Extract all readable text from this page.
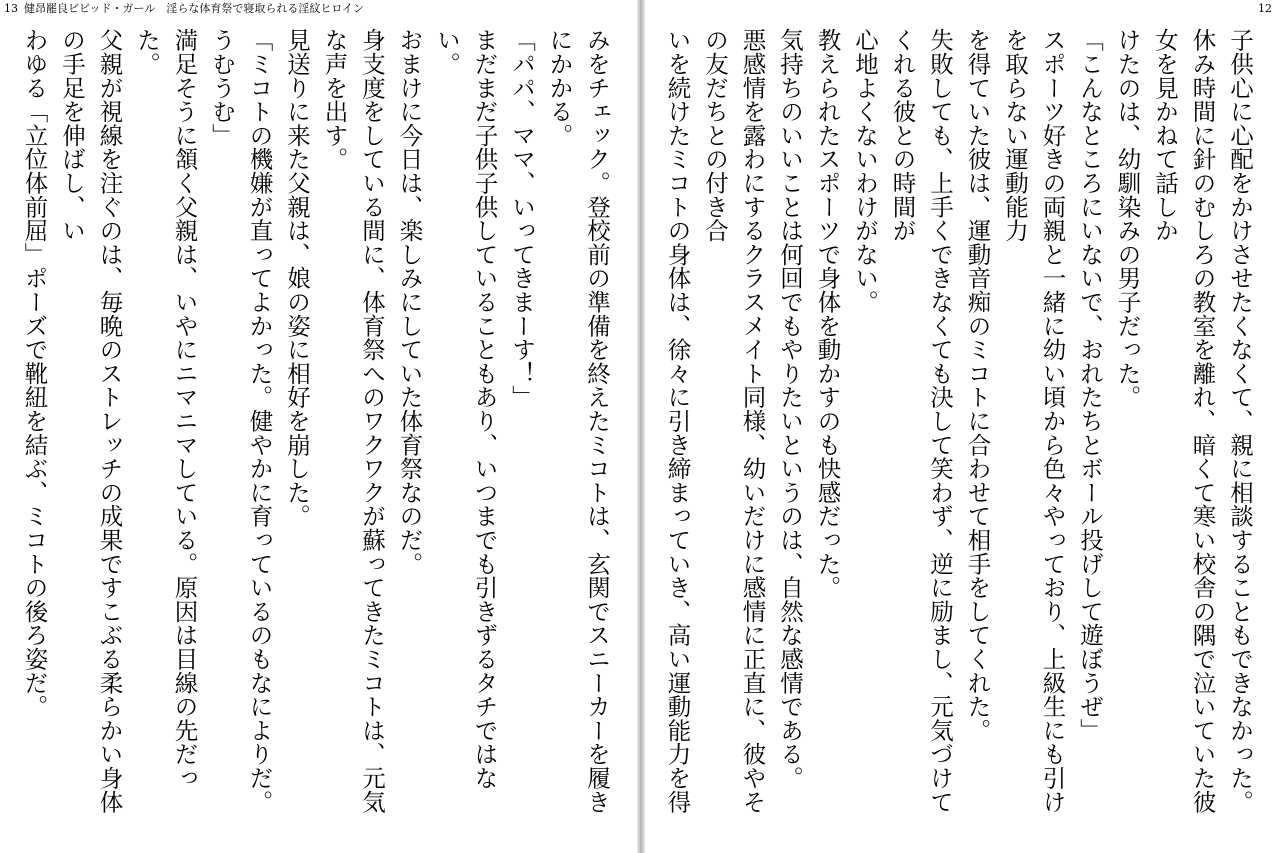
13 健昂罷良ビビッド・ガール　淫らな体育祭で寝取られる淫紋ヒロイン
みをチェック。登校前の準備を終えたミコトは、玄関でスニーカーを履きにかかる。
「パパ、ママ、いってきまーす！」
まだまだ子供子供していることもあり、いつまでも引きずるタチではない。
おまけに今日は、楽しみにしていた体育祭なのだ。
身支度をしている間に、体育祭へのワクワクが蘇ってきたミコトは、元気な声を出す。
見送りに来た父親は、娘の姿に相好を崩した。
「ミコトの機嫌が直ってよかった。健やかに育っているのもなによりだ。うむうむ」
満足そうに頷く父親は、いやにニマニマしている。原因は目線の先だった。
父親が視線を注ぐのは、毎晩のストレッチの成果ですこぶる柔らかい身体の手足を伸ばし、い
わゆる「立位体前屈」ポーズで靴紐を結ぶ、ミコトの後ろ姿だ。
12
子供心に心配をかけさせたくなくて、親に相談することもできなかった。
休み時間に針のむしろの教室を離れ、暗くて寒い校舎の隅で泣いていた彼女を見かねて話しか
けたのは、幼馴染みの男子だった。
「こんなところにいないで、おれたちとボール投げして遊ぼうぜ」
スポーツ好きの両親と一緒に幼い頃から色々やっており、上級生にも引けを取らない運動能力
を得ていた彼は、運動音痴のミコトに合わせて相手をしてくれた。
失敗しても、上手くできなくても決して笑わず、逆に励まし、元気づけてくれる彼との時間が
心地よくないわけがない。
教えられたスポーツで身体を動かすのも快感だった。
気持ちのいいことは何回でもやりたいというのは、自然な感情である。
悪感情を露わにするクラスメイト同様、幼いだけに感情に正直に、彼やその友だちとの付き合
いを続けたミコトの身体は、徐々に引き締まっていき、高い運動能力を得
